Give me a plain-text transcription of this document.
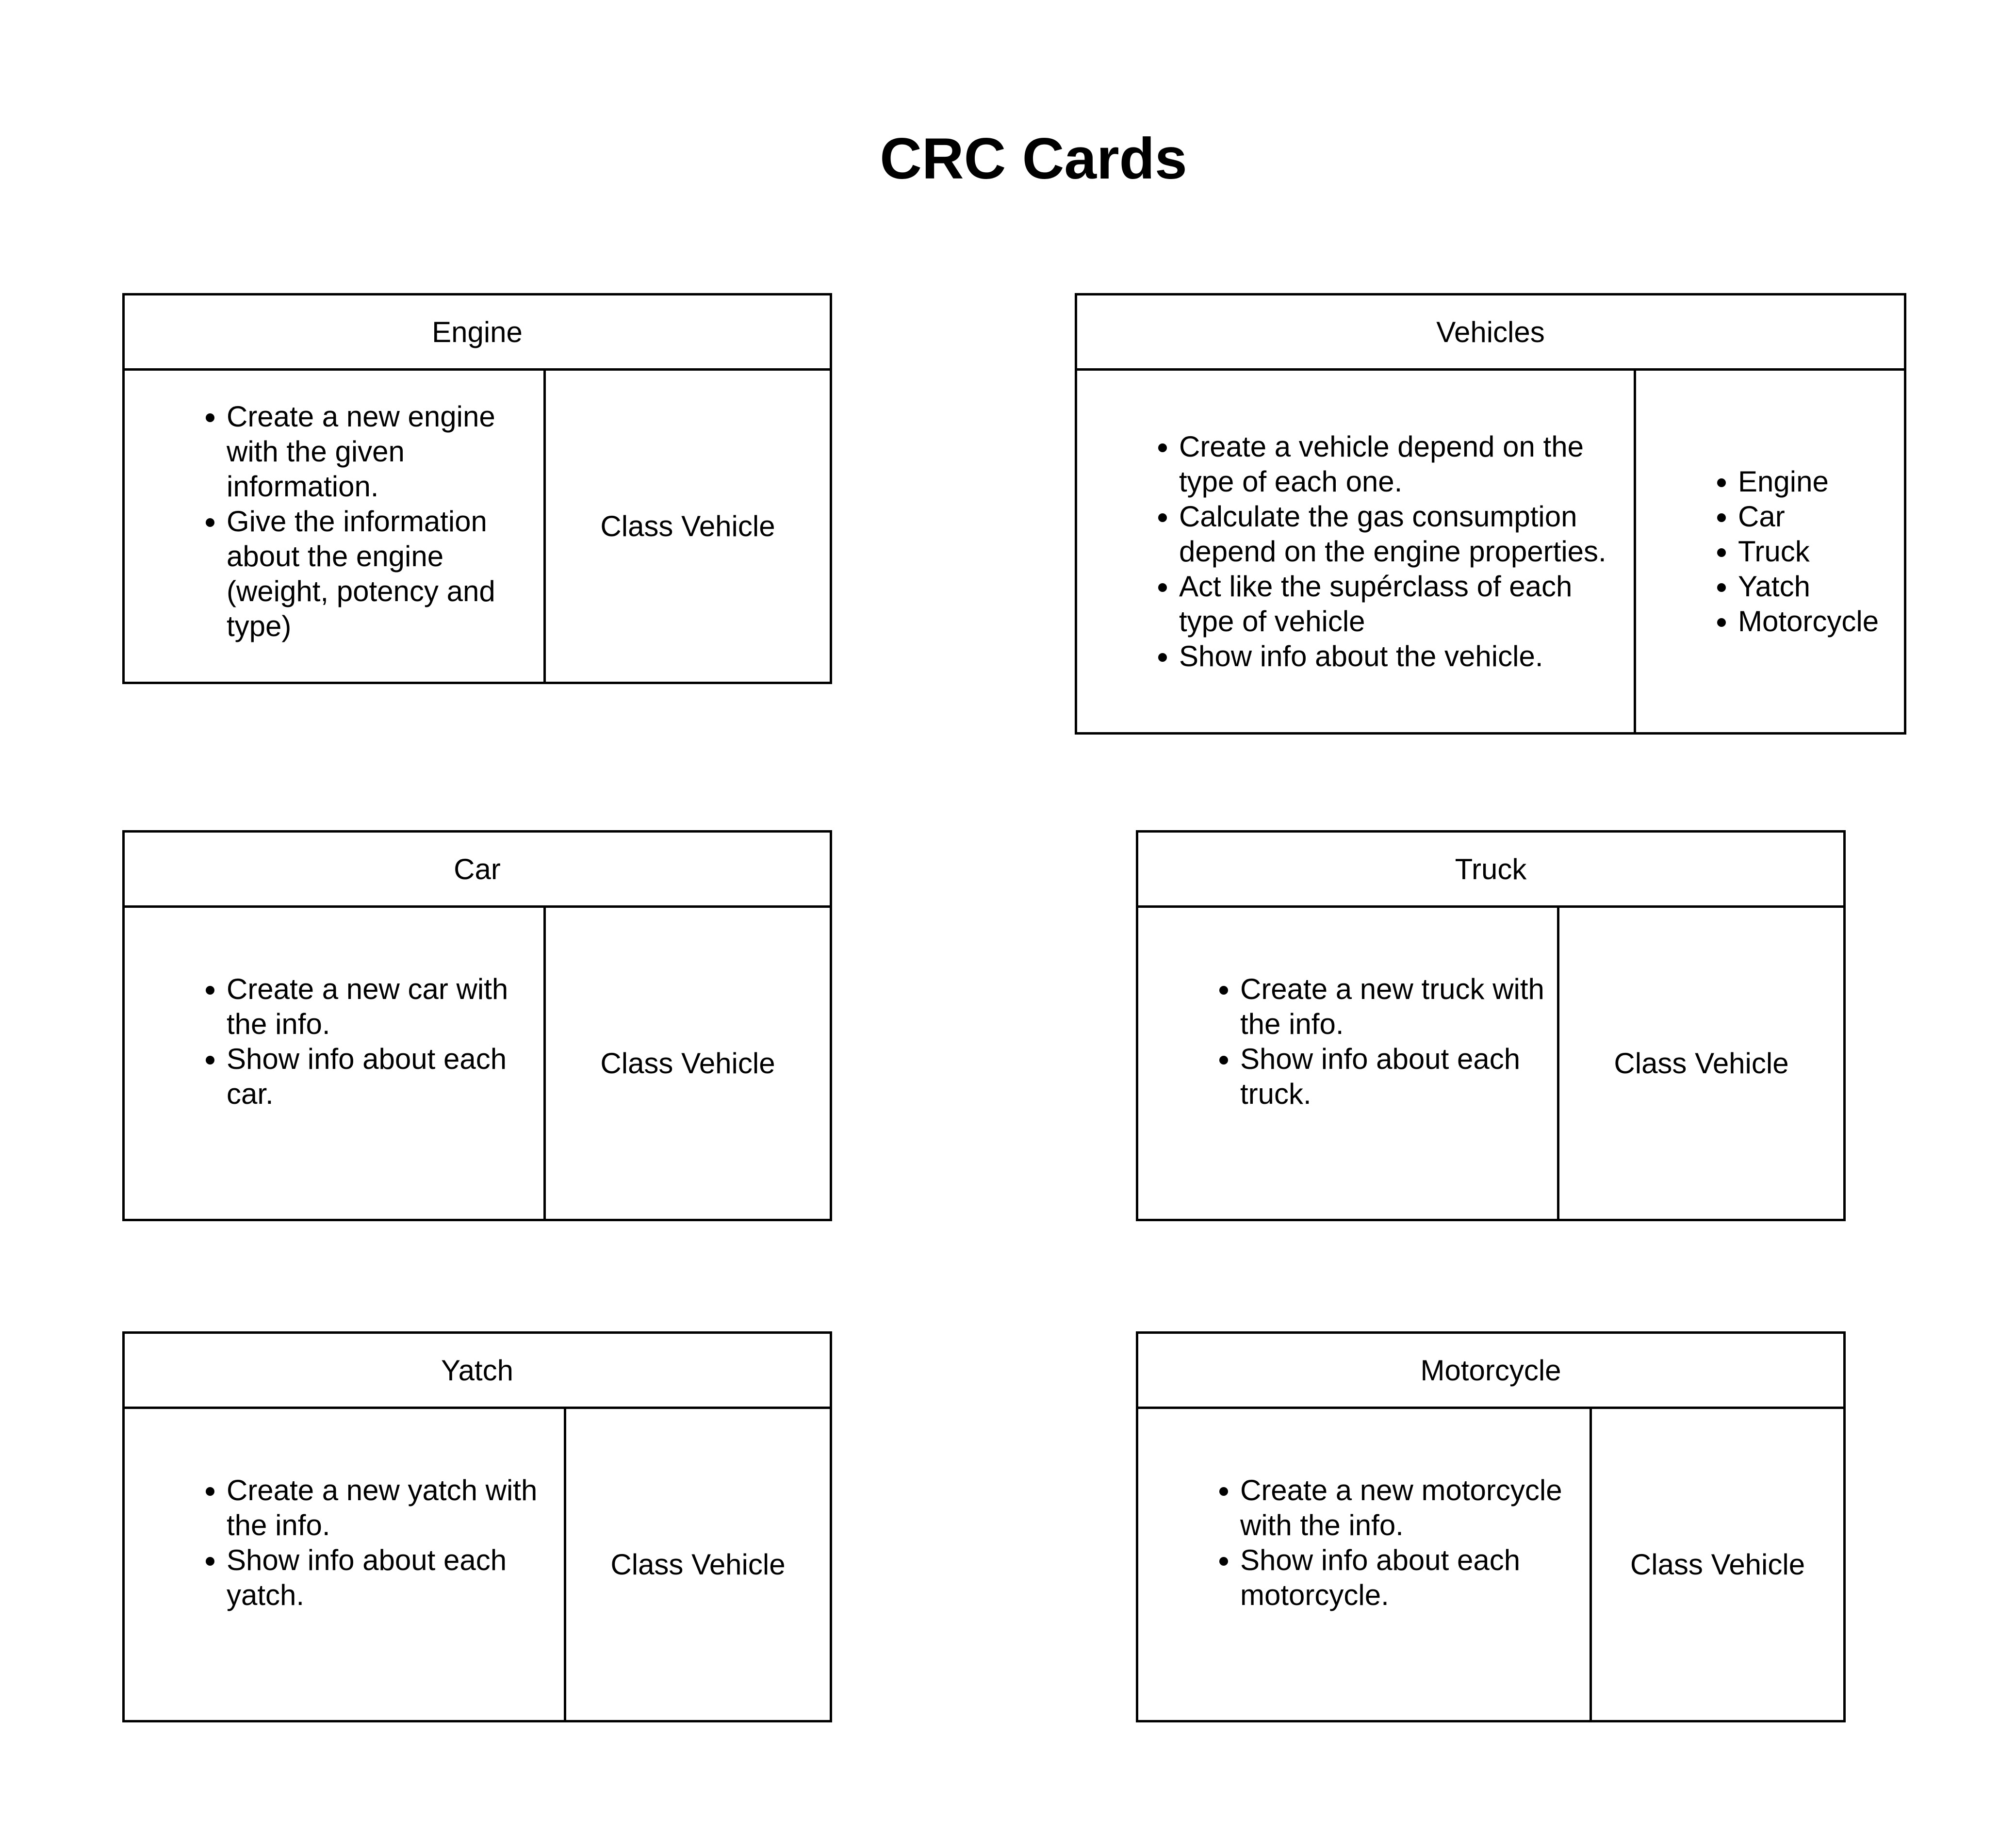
CRC Cards
Engine
• Create a new engine with the given information.
• Give the information about the engine (weight, potency and type)
Class Vehicle
Vehicles
• Create a vehicle depend on the type of each one.
• Calculate the gas consumption depend on the engine properties.
• Act like the supérclass of each type of vehicle
• Show info about the vehicle.
• Engine
• Car
• Truck
• Yatch
• Motorcycle
Car
• Create a new car with the info.
• Show info about each car.
Class Vehicle
Truck
• Create a new truck with the info.
• Show info about each truck.
Class Vehicle
Yatch
• Create a new yatch with the info.
• Show info about each yatch.
Class Vehicle
Motorcycle
• Create a new motorcycle with the info.
• Show info about each motorcycle.
Class Vehicle
